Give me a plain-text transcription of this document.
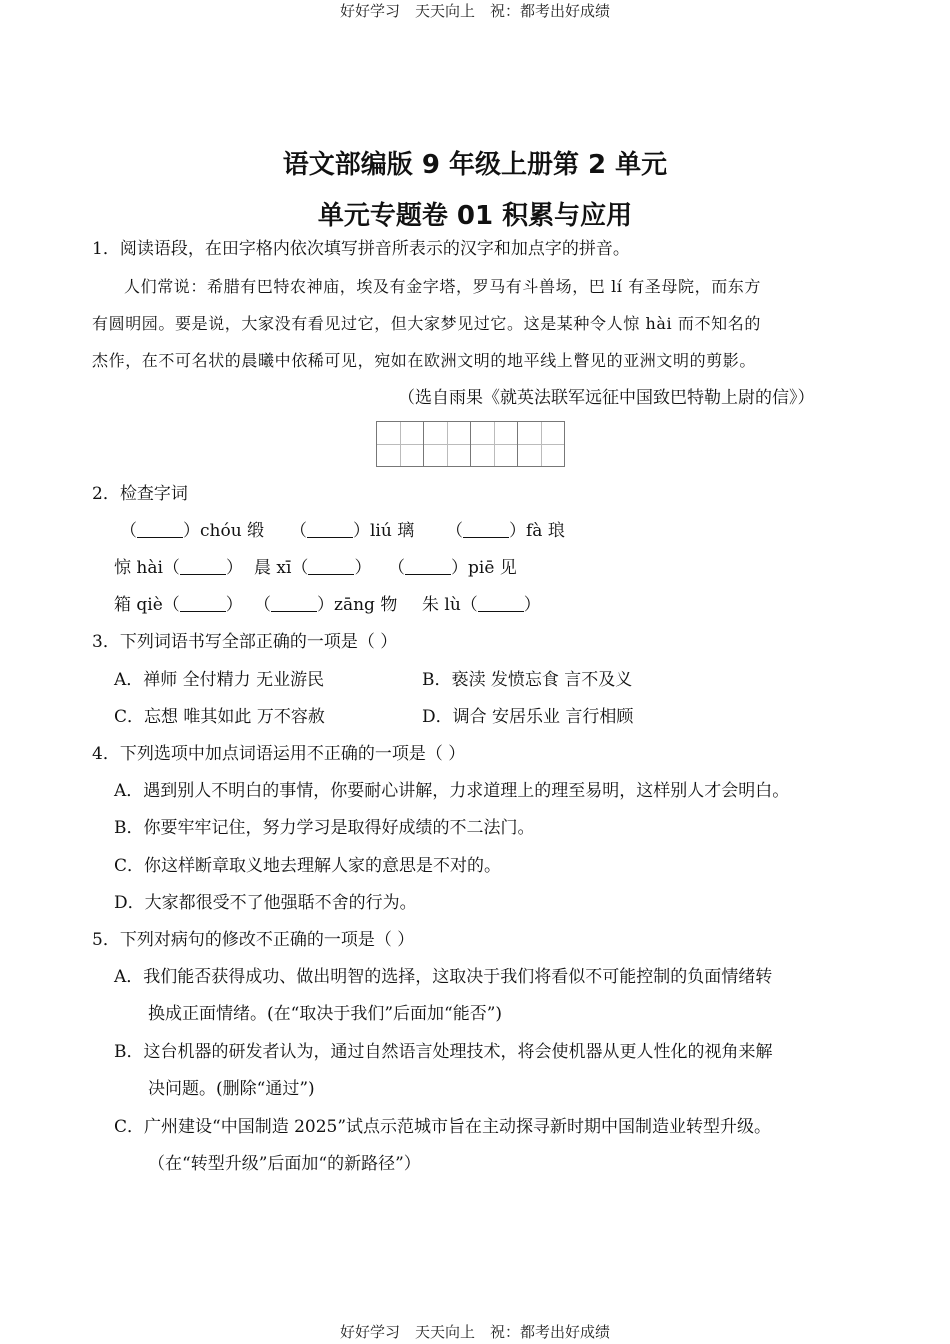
好好学习　天天向上　祝：都考出好成绩
语文部编版 9 年级上册第 2 单元
单元专题卷 01 积累与应用
1．阅读语段，在田字格内依次填写拼音所表示的汉字和加点字的拼音。
人们常说：希腊有巴特农神庙，埃及有金字塔，罗马有斗兽场，巴 lí 有圣母院，而东方
有圆明园。要是说，大家没有看见过它，但大家梦见过它。这是某种令人惊 hài 而不知名的
杰作，在不可名状的晨曦中依稀可见，宛如在欧洲文明的地平线上瞥见的亚洲文明的剪影。
（选自雨果《就英法联军远征中国致巴特勒上尉的信》）
2．检查字词
（	）chóu 缎 （	）liú 璃 （	）fà 琅
惊 hài（	） 晨 xī（	） （	）piē 见
箱 qiè（	） （	）zāng 物 朱 lù（	）
3．下列词语书写全部正确的一项是（ ）
A．禅师 全付精力 无业游民	B．亵渎 发愤忘食 言不及义
C．忘想 唯其如此 万不容赦	D．调合 安居乐业 言行相顾
4．下列选项中加点词语运用不正确的一项是（ ）
A．遇到别人不明白的事情，你要耐心讲解，力求道理上的理至易明，这样别人才会明白。
B．你要牢牢记住，努力学习是取得好成绩的不二法门。
C．你这样断章取义地去理解人家的意思是不对的。
D．大家都很受不了他强聒不舍的行为。
5．下列对病句的修改不正确的一项是（ ）
A．我们能否获得成功、做出明智的选择，这取决于我们将看似不可能控制的负面情绪转
换成正面情绪。(在“取决于我们”后面加“能否”)
B．这台机器的研发者认为，通过自然语言处理技术，将会使机器从更人性化的视角来解
决问题。(删除“通过”)
C．广州建设“中国制造 2025”试点示范城市旨在主动探寻新时期中国制造业转型升级。
（在“转型升级”后面加“的新路径”）
好好学习　天天向上　祝：都考出好成绩
